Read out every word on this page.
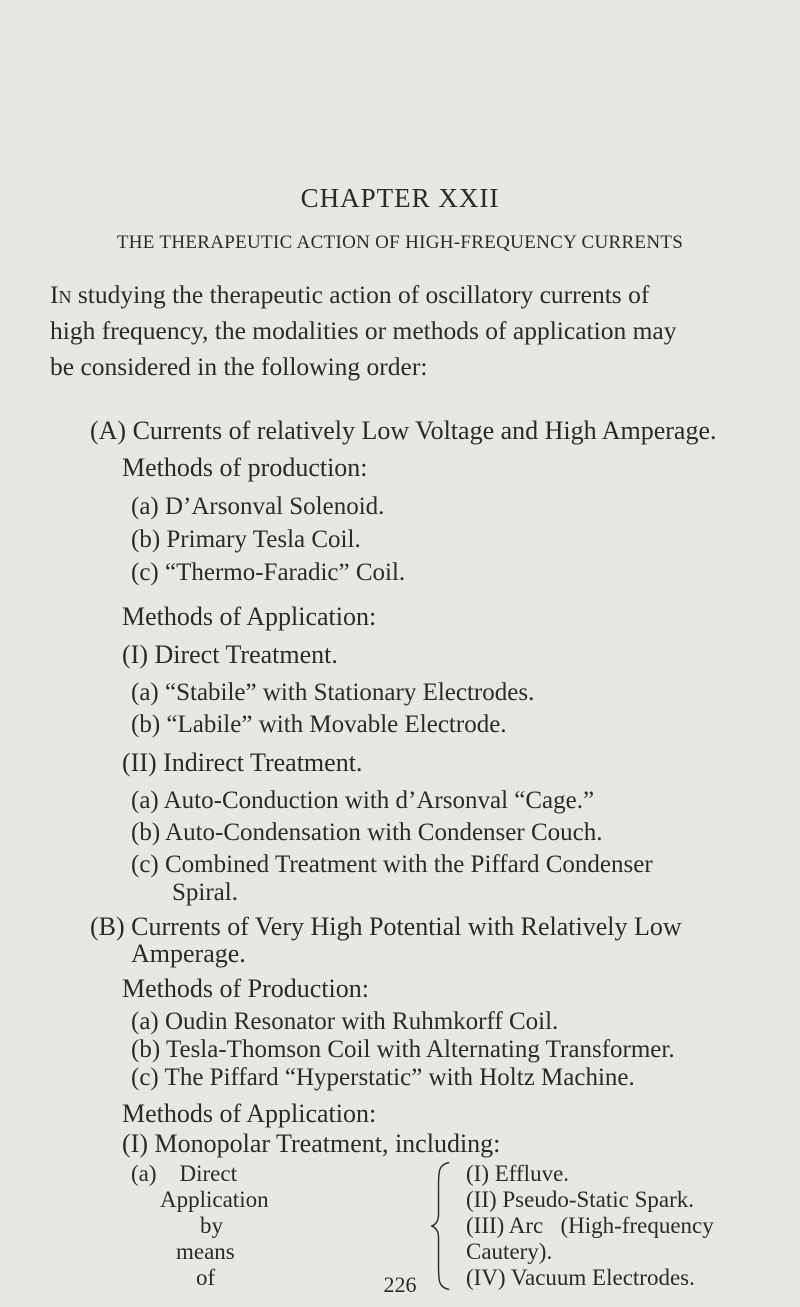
CHAPTER XXII
THE THERAPEUTIC ACTION OF HIGH-FREQUENCY CURRENTS
In studying the therapeutic action of oscillatory currents of
high frequency, the modalities or methods of application may
be considered in the following order:
(A) Currents of relatively Low Voltage and High Amperage.
Methods of production:
(a) D’Arsonval Solenoid.
(b) Primary Tesla Coil.
(c) “Thermo-Faradic” Coil.
Methods of Application:
(I) Direct Treatment.
(a) “Stabile” with Stationary Electrodes.
(b) “Labile” with Movable Electrode.
(II) Indirect Treatment.
(a) Auto-Conduction with d’Arsonval “Cage.”
(b) Auto-Condensation with Condenser Couch.
(c) Combined Treatment with the Piffard Condenser
Spiral.
(B) Currents of Very High Potential with Relatively Low
Amperage.
Methods of Production:
(a) Oudin Resonator with Ruhmkorff Coil.
(b) Tesla-Thomson Coil with Alternating Transformer.
(c) The Piffard “Hyperstatic” with Holtz Machine.
Methods of Application:
(I) Monopolar Treatment, including:
(a)    Direct
Application
by
(I) Effluve.
(II) Pseudo-Static Spark.
(III) Arc   (High-frequency
means
of
Cautery).
(IV) Vacuum Electrodes.
226
